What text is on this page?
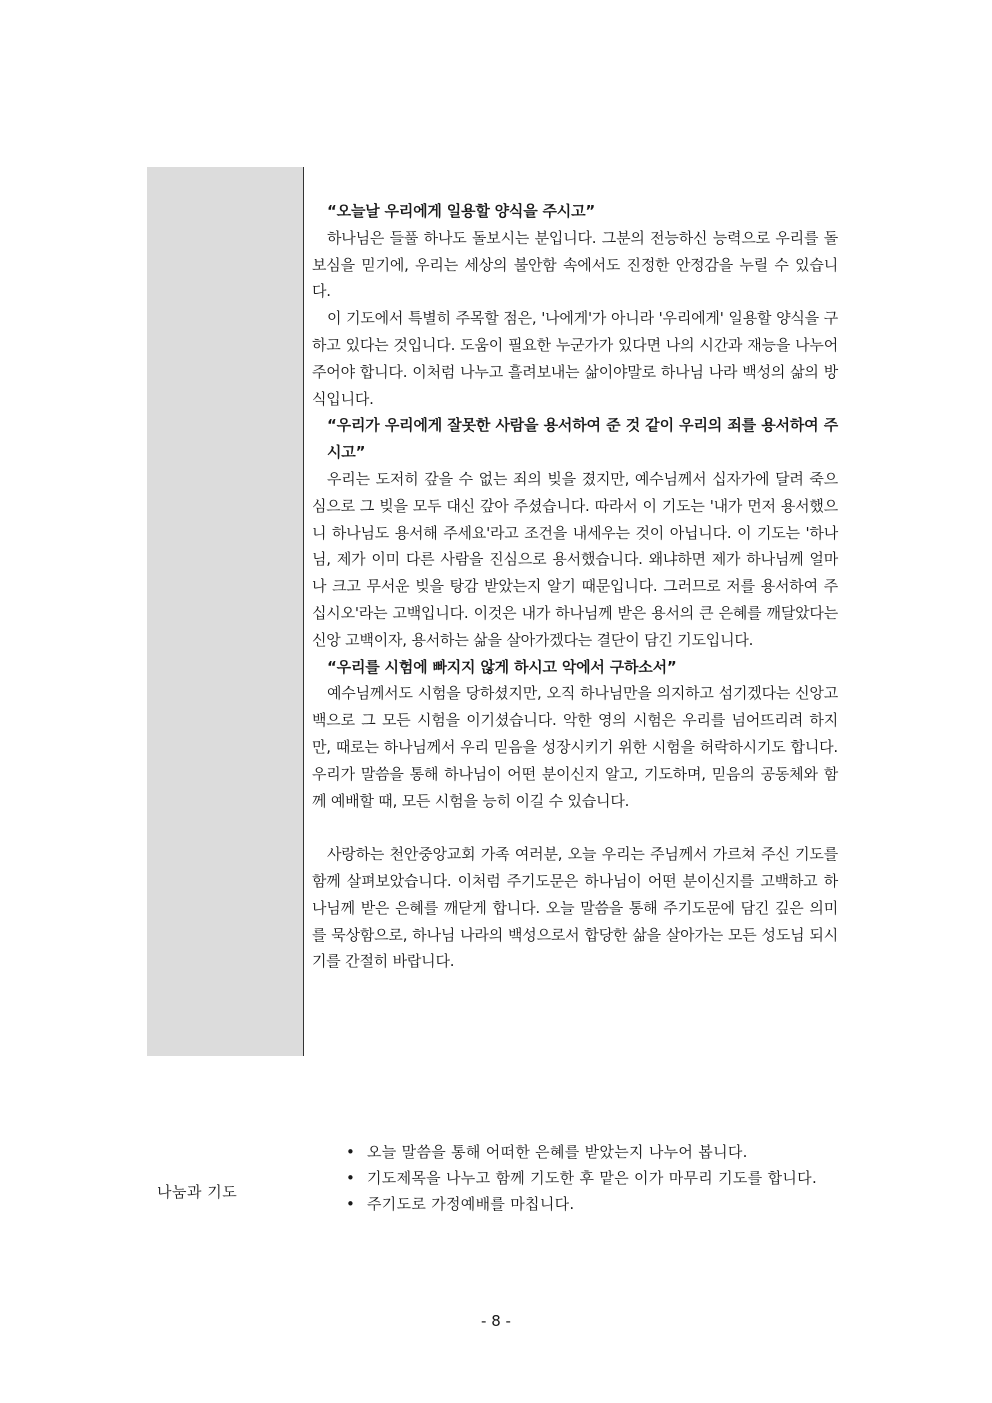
“오늘날 우리에게 일용할 양식을 주시고”

하나님은 들풀 하나도 돌보시는 분입니다. 그분의 전능하신 능력으로 우리를 돌보심을 믿기에, 우리는 세상의 불안함 속에서도 진정한 안정감을 누릴 수 있습니다.

이 기도에서 특별히 주목할 점은, '나에게'가 아니라 '우리에게' 일용할 양식을 구하고 있다는 것입니다. 도움이 필요한 누군가가 있다면 나의 시간과 재능을 나누어주어야 합니다. 이처럼 나누고 흘려보내는 삶이야말로 하나님 나라 백성의 삶의 방식입니다.

“우리가 우리에게 잘못한 사람을 용서하여 준 것 같이 우리의 죄를 용서하여 주시고”

우리는 도저히 갚을 수 없는 죄의 빚을 졌지만, 예수님께서 십자가에 달려 죽으심으로 그 빚을 모두 대신 갚아 주셨습니다. 따라서 이 기도는 '내가 먼저 용서했으니 하나님도 용서해 주세요'라고 조건을 내세우는 것이 아닙니다. 이 기도는 '하나님, 제가 이미 다른 사람을 진심으로 용서했습니다. 왜냐하면 제가 하나님께 얼마나 크고 무서운 빚을 탕감 받았는지 알기 때문입니다. 그러므로 저를 용서하여 주십시오'라는 고백입니다. 이것은 내가 하나님께 받은 용서의 큰 은혜를 깨달았다는 신앙 고백이자, 용서하는 삶을 살아가겠다는 결단이 담긴 기도입니다.

“우리를 시험에 빠지지 않게 하시고 악에서 구하소서”

예수님께서도 시험을 당하셨지만, 오직 하나님만을 의지하고 섬기겠다는 신앙고백으로 그 모든 시험을 이기셨습니다. 악한 영의 시험은 우리를 넘어뜨리려 하지만, 때로는 하나님께서 우리 믿음을 성장시키기 위한 시험을 허락하시기도 합니다. 우리가 말씀을 통해 하나님이 어떤 분이신지 알고, 기도하며, 믿음의 공동체와 함께 예배할 때, 모든 시험을 능히 이길 수 있습니다.

사랑하는 천안중앙교회 가족 여러분, 오늘 우리는 주님께서 가르쳐 주신 기도를 함께 살펴보았습니다. 이처럼 주기도문은 하나님이 어떤 분이신지를 고백하고 하나님께 받은 은혜를 깨닫게 합니다. 오늘 말씀을 통해 주기도문에 담긴 깊은 의미를 묵상함으로, 하나님 나라의 백성으로서 합당한 삶을 살아가는 모든 성도님 되시기를 간절히 바랍니다.

나눔과 기도
• 오늘 말씀을 통해 어떠한 은혜를 받았는지 나누어 봅니다.
• 기도제목을 나누고 함께 기도한 후 맡은 이가 마무리 기도를 합니다.
• 주기도로 가정예배를 마칩니다.
- 8 -
